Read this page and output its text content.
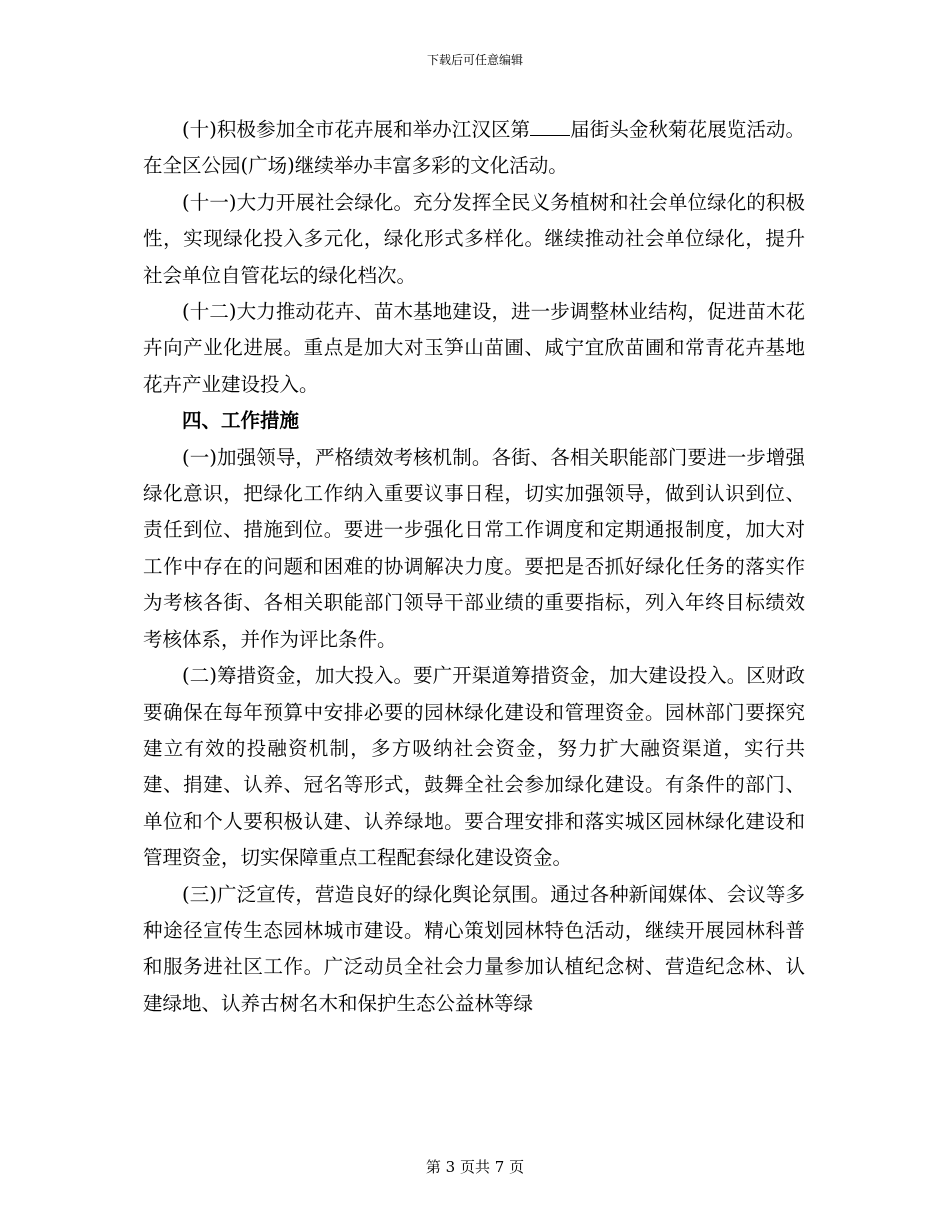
下载后可任意编辑

(十)积极参加全市花卉展和举办江汉区第 届街头金秋菊花展览活动。在全区公园(广场)继续举办丰富多彩的文化活动。

(十一)大力开展社会绿化。充分发挥全民义务植树和社会单位绿化的积极性，实现绿化投入多元化，绿化形式多样化。继续推动社会单位绿化，提升社会单位自管花坛的绿化档次。

(十二)大力推动花卉、苗木基地建设，进一步调整林业结构，促进苗木花卉向产业化进展。重点是加大对玉笋山苗圃、咸宁宜欣苗圃和常青花卉基地花卉产业建设投入。

四、工作措施

(一)加强领导，严格绩效考核机制。各街、各相关职能部门要进一步增强绿化意识，把绿化工作纳入重要议事日程，切实加强领导，做到认识到位、责任到位、措施到位。要进一步强化日常工作调度和定期通报制度，加大对工作中存在的问题和困难的协调解决力度。要把是否抓好绿化任务的落实作为考核各街、各相关职能部门领导干部业绩的重要指标，列入年终目标绩效考核体系，并作为评比条件。

(二)筹措资金，加大投入。要广开渠道筹措资金，加大建设投入。区财政要确保在每年预算中安排必要的园林绿化建设和管理资金。园林部门要探究建立有效的投融资机制，多方吸纳社会资金，努力扩大融资渠道，实行共建、捐建、认养、冠名等形式，鼓舞全社会参加绿化建设。有条件的部门、单位和个人要积极认建、认养绿地。要合理安排和落实城区园林绿化建设和管理资金，切实保障重点工程配套绿化建设资金。

(三)广泛宣传，营造良好的绿化舆论氛围。通过各种新闻媒体、会议等多种途径宣传生态园林城市建设。精心策划园林特色活动，继续开展园林科普和服务进社区工作。广泛动员全社会力量参加认植纪念树、营造纪念林、认建绿地、认养古树名木和保护生态公益林等绿

第 3 页共 7 页
